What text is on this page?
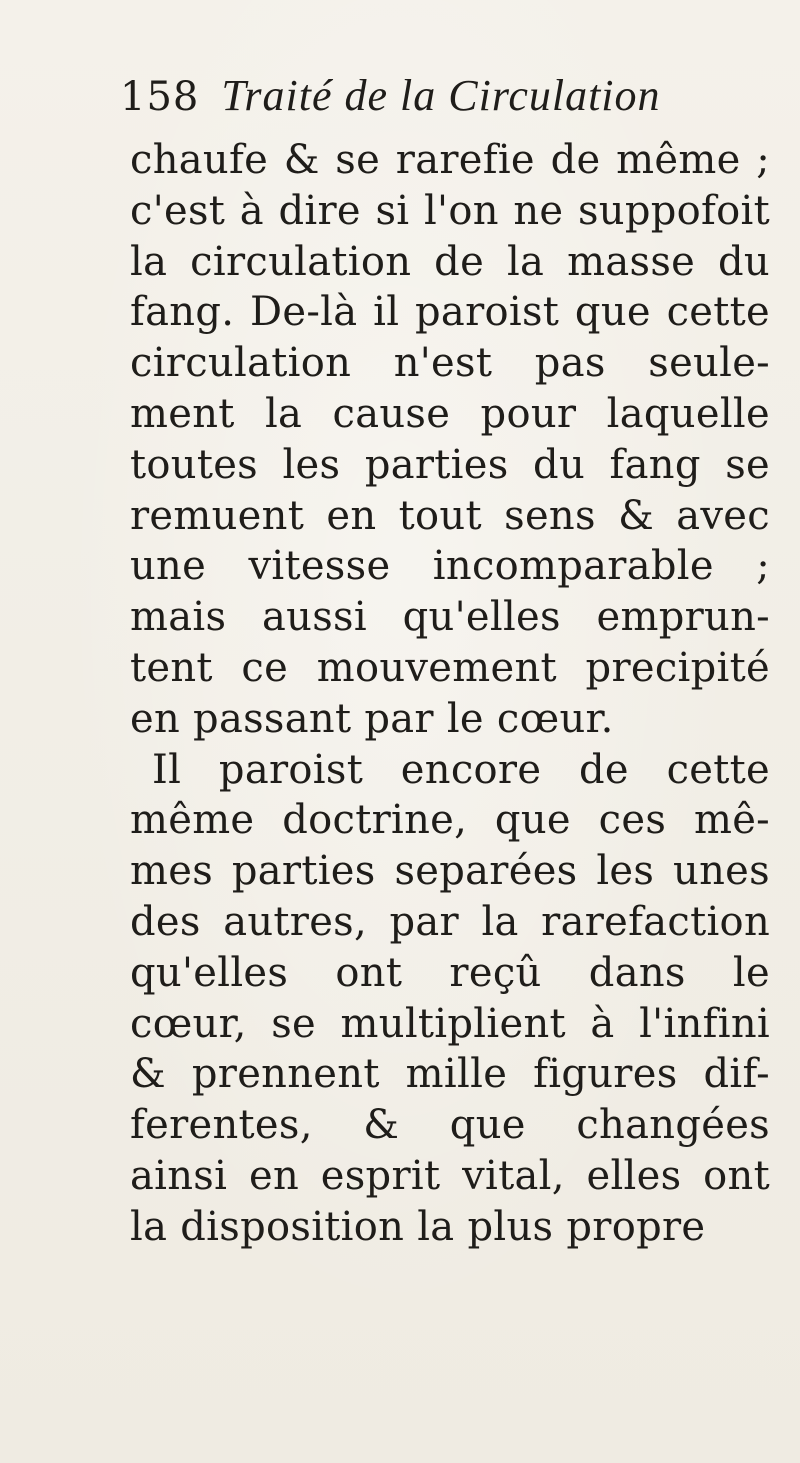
158 Traité de la Circulation
chaufe & se rarefie de même ;
c'est à dire si l'on ne suppofoit
la circulation de la masse du
fang. De-là il paroist que cette
circulation n'est pas seule-
ment la cause pour laquelle
toutes les parties du fang se
remuent en tout sens & avec
une vitesse incomparable ;
mais aussi qu'elles emprun-
tent ce mouvement precipité
en passant par le cœur.
Il paroist encore de cette
même doctrine, que ces mê-
mes parties separées les unes
des autres, par la rarefaction
qu'elles ont reçû dans le
cœur, se multiplient à l'infini
& prennent mille figures dif-
ferentes, & que changées
ainsi en esprit vital, elles ont
la disposition la plus propre
